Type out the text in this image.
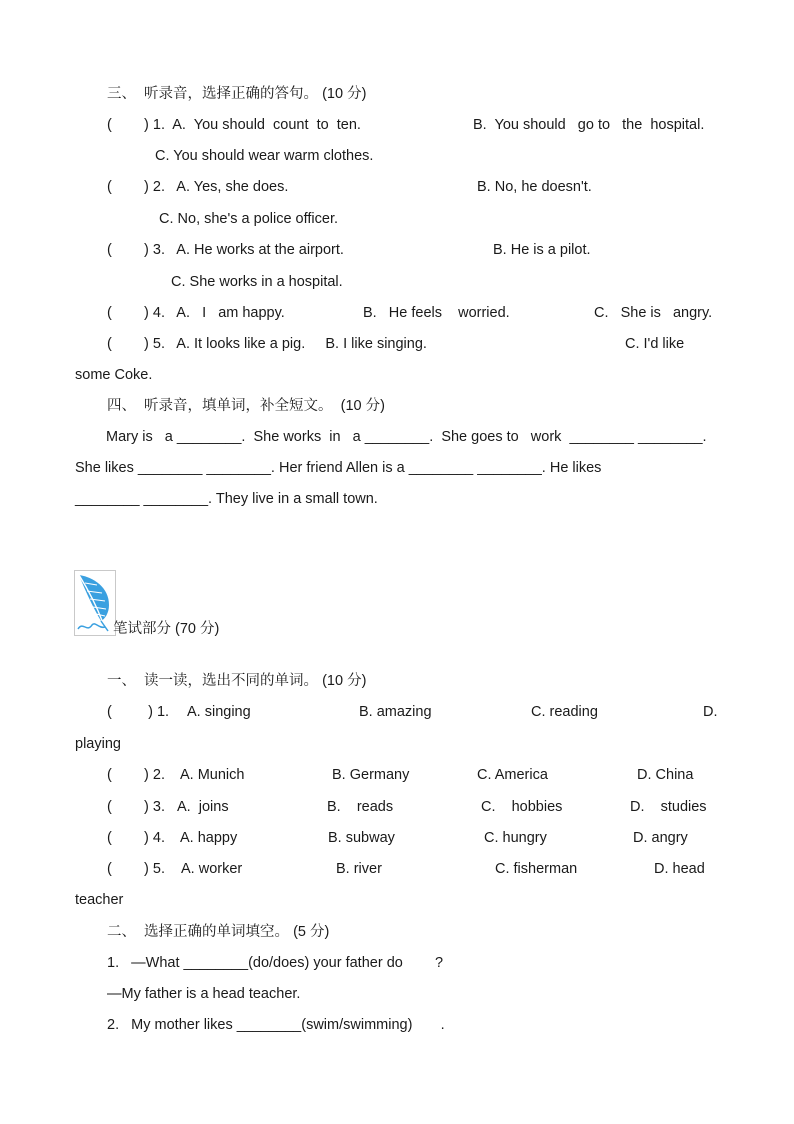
三、  听录音，选择正确的答句。 (10 分)
(        ) 1.  A.  You should  count  to  ten.	B.  You should   go to   the  hospital.
C. You should wear warm clothes.
(        ) 2.   A. Yes, she does.	B. No, he doesn't.
C. No, she's a police officer.
(        ) 3.   A. He works at the airport.	B. He is a pilot.
C. She works in a hospital.
(        ) 4.   A.   I   am happy.	B.   He feels    worried.	C.   She is   angry.
(        ) 5.   A. It looks like a pig.     B. I like singing.	C. I'd like
some Coke.
四、  听录音，填单词，补全短文。  (10 分)
Mary is   a ________.  She works  in   a ________.  She goes to   work  ________ ________.
She likes ________ ________. Her friend Allen is a ________ ________. He likes
________ ________. They live in a small town.
笔试部分 (70 分)
一、  读一读，选出不同的单词。 (10 分)
(         ) 1. A. singing	B. amazing	C. reading	D.
playing
(        ) 2. A. Munich	B. Germany	C. America	D. China
(        ) 3. A.  joins	B.    reads	C.    hobbies	D.    studies
(        ) 4. A. happy	B. subway	C. hungry	D. angry
(        ) 5. A. worker	B. river	C. fisherman	D. head
teacher
二、  选择正确的单词填空。 (5 分)
1.   —What ________(do/does) your father do        ?
—My father is a head teacher.
2.   My mother likes ________(swim/swimming)       .
